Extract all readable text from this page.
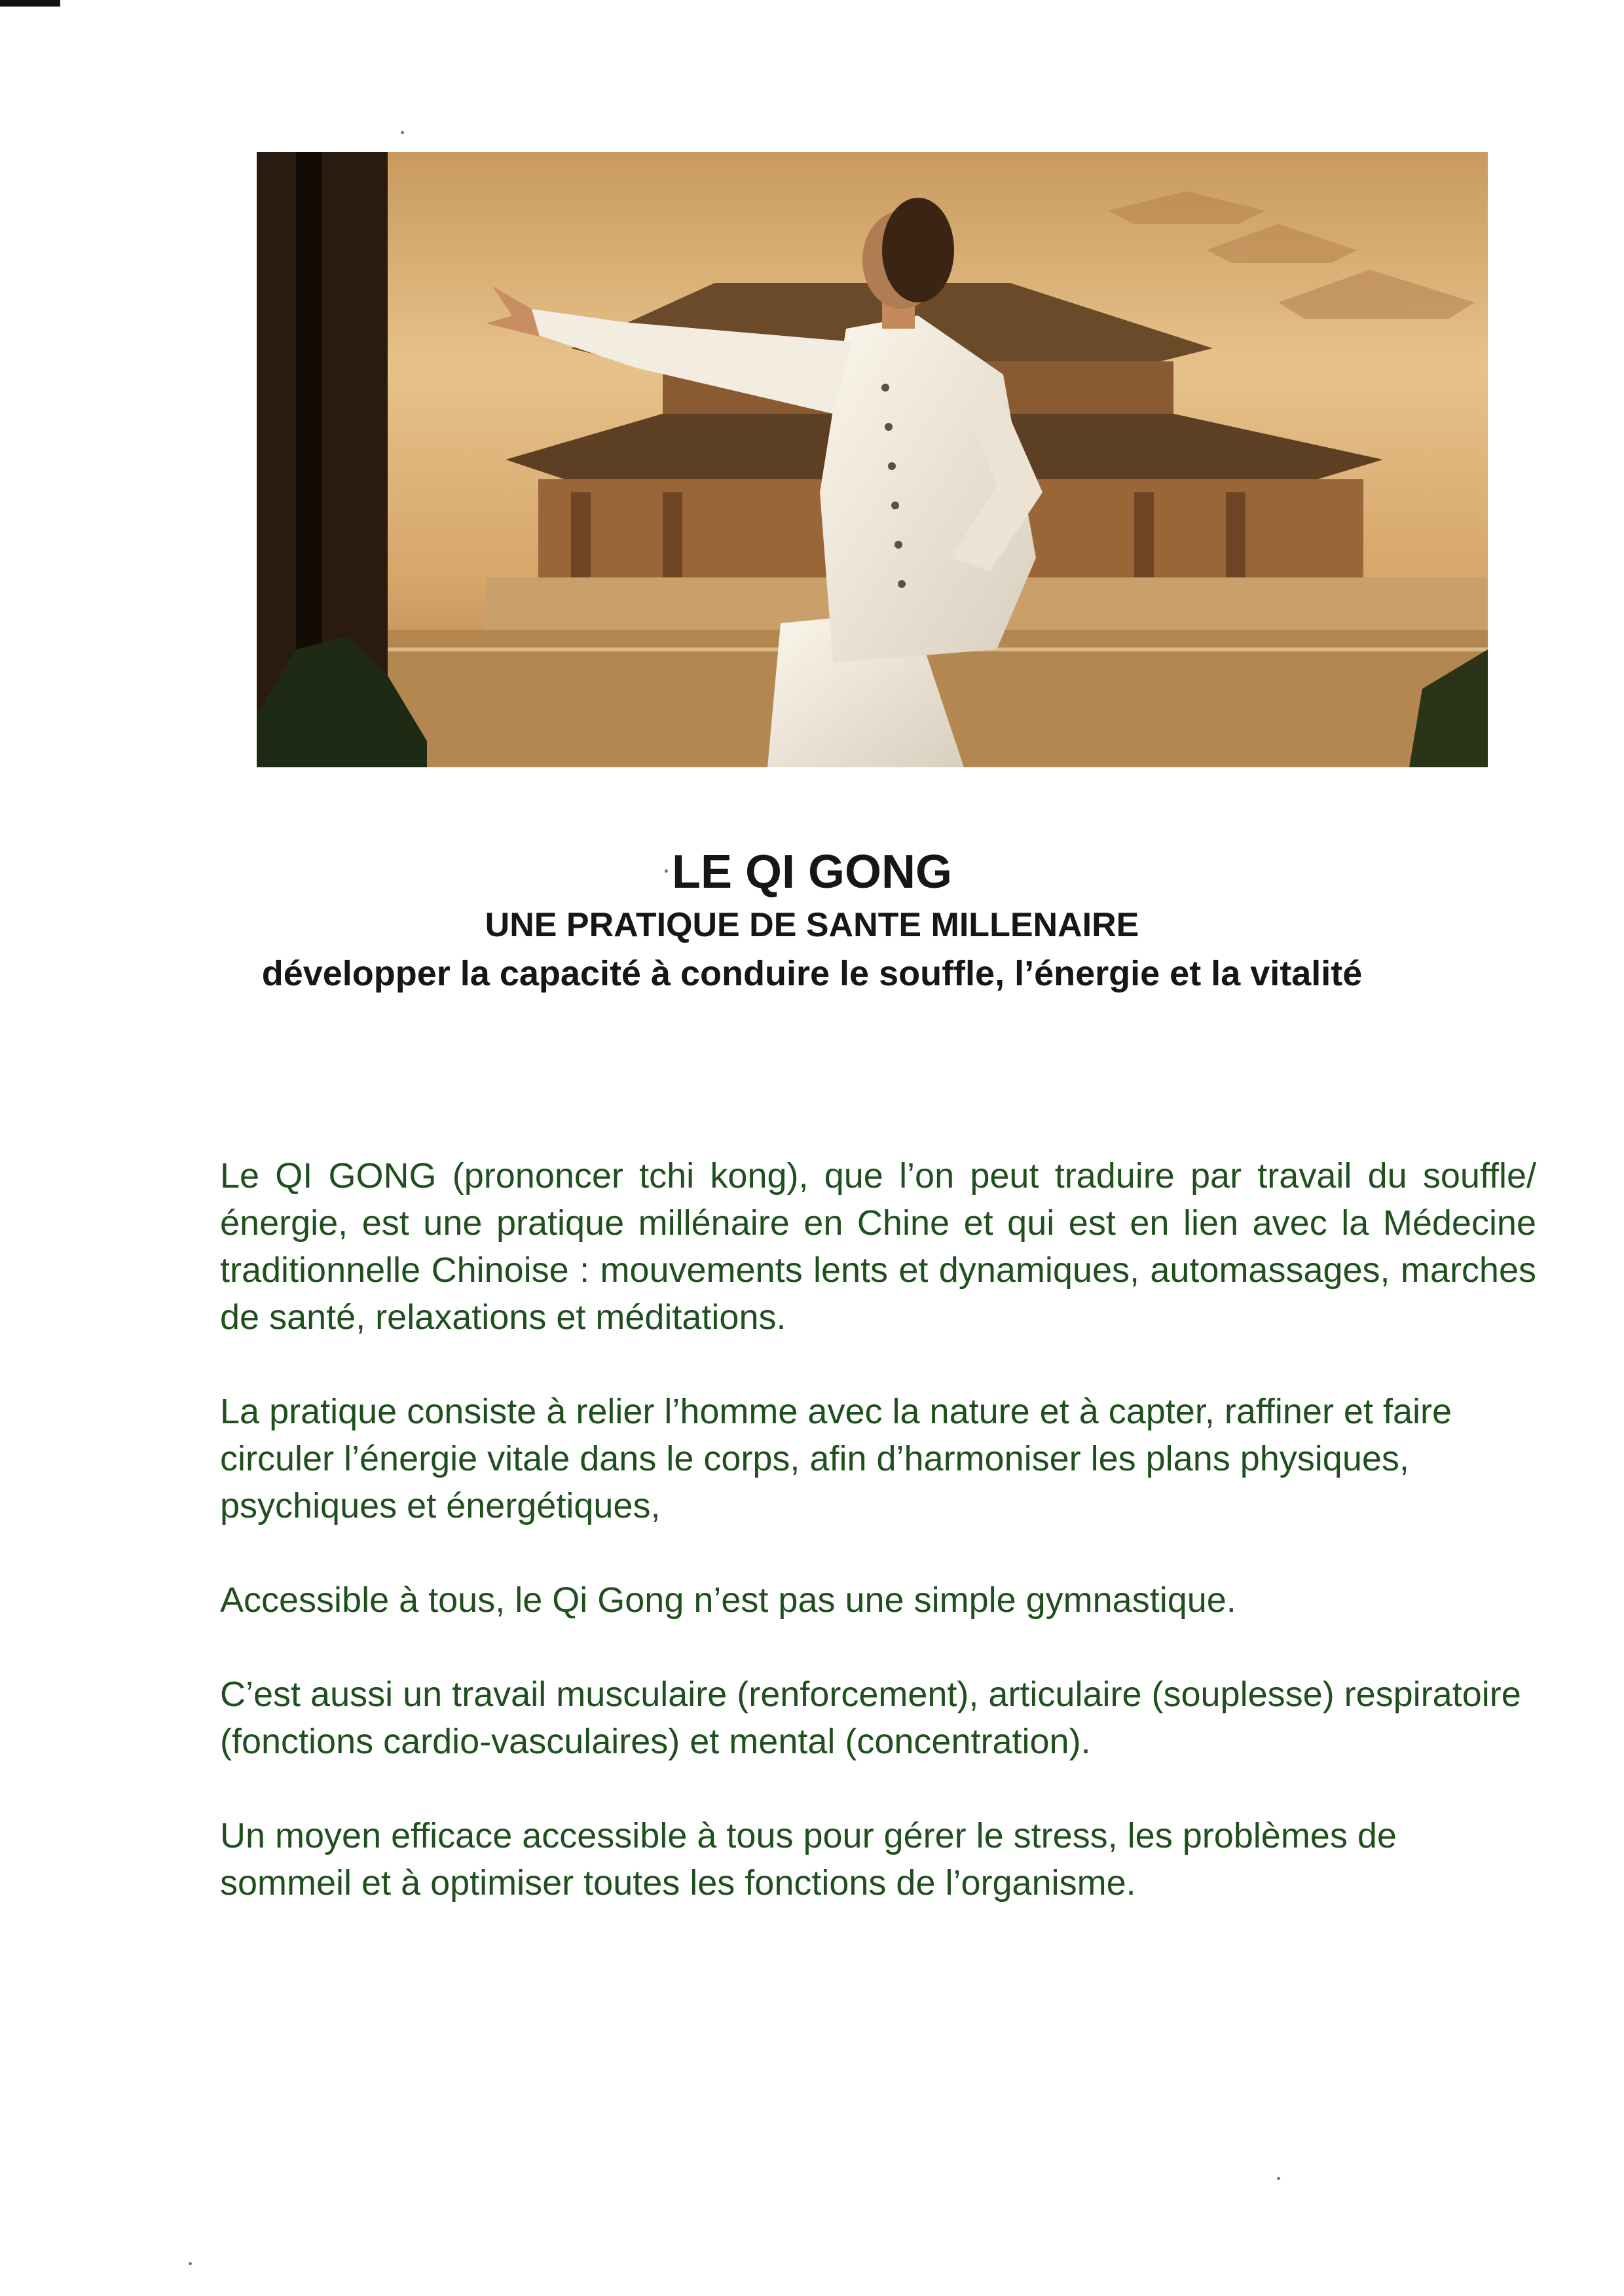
LE QI GONG
UNE PRATIQUE DE SANTE MILLENAIRE
développer la capacité à conduire le souffle, l’énergie et la vitalité

Le QI GONG (prononcer tchi kong), que l’on peut traduire par travail du souffle/énergie, est une pratique millénaire en Chine et qui est en lien avec la Médecine traditionnelle Chinoise : mouvements lents et dynamiques, automassages, marches de santé, relaxations et méditations.

La pratique consiste à relier l’homme avec la nature et à capter, raffiner et faire circuler l’énergie vitale dans le corps, afin d’harmoniser les plans physiques, psychiques et énergétiques,

Accessible à tous, le Qi Gong n’est pas une simple gymnastique.

C’est aussi un travail musculaire (renforcement), articulaire (souplesse) respiratoire (fonctions cardio-vasculaires) et mental (concentration).

Un moyen efficace accessible à tous pour gérer le stress, les problèmes de sommeil et à optimiser toutes les fonctions de l’organisme.
